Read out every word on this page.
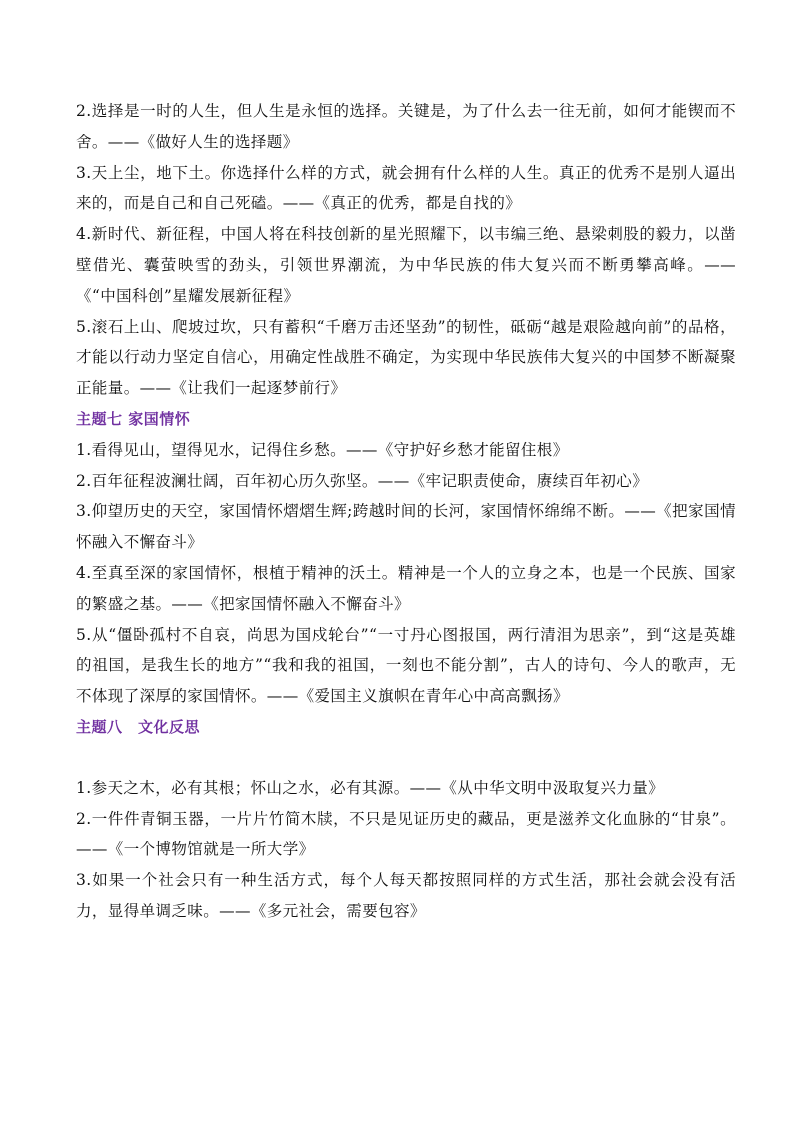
2.选择是一时的人生，但人生是永恒的选择。关键是，为了什么去一往无前，如何才能锲而不舍。——《做好人生的选择题》

3.天上尘，地下土。你选择什么样的方式，就会拥有什么样的人生。真正的优秀不是别人逼出来的，而是自己和自己死磕。——《真正的优秀，都是自找的》

4.新时代、新征程，中国人将在科技创新的星光照耀下，以韦编三绝、悬梁刺股的毅力，以凿壁借光、囊萤映雪的劲头，引领世界潮流，为中华民族的伟大复兴而不断勇攀高峰。——《“中国科创”星耀发展新征程》

5.滚石上山、爬坡过坎，只有蓄积“千磨万击还坚劲”的韧性，砥砺“越是艰险越向前”的品格，才能以行动力坚定自信心，用确定性战胜不确定，为实现中华民族伟大复兴的中国梦不断凝聚正能量。——《让我们一起逐梦前行》

主题七 家国情怀

1.看得见山，望得见水，记得住乡愁。——《守护好乡愁才能留住根》

2.百年征程波澜壮阔，百年初心历久弥坚。——《牢记职责使命，赓续百年初心》

3.仰望历史的天空，家国情怀熠熠生辉;跨越时间的长河，家国情怀绵绵不断。——《把家国情怀融入不懈奋斗》

4.至真至深的家国情怀，根植于精神的沃土。精神是一个人的立身之本，也是一个民族、国家的繁盛之基。——《把家国情怀融入不懈奋斗》

5.从“僵卧孤村不自哀，尚思为国戍轮台”“一寸丹心图报国，两行清泪为思亲”，到“这是英雄的祖国，是我生长的地方”“我和我的祖国，一刻也不能分割”，古人的诗句、今人的歌声，无不体现了深厚的家国情怀。——《爱国主义旗帜在青年心中高高飘扬》

主题八　文化反思

1.参天之木，必有其根；怀山之水，必有其源。——《从中华文明中汲取复兴力量》

2.一件件青铜玉器，一片片竹简木牍，不只是见证历史的藏品，更是滋养文化血脉的“甘泉”。——《一个博物馆就是一所大学》

3.如果一个社会只有一种生活方式，每个人每天都按照同样的方式生活，那社会就会没有活力，显得单调乏味。——《多元社会，需要包容》
